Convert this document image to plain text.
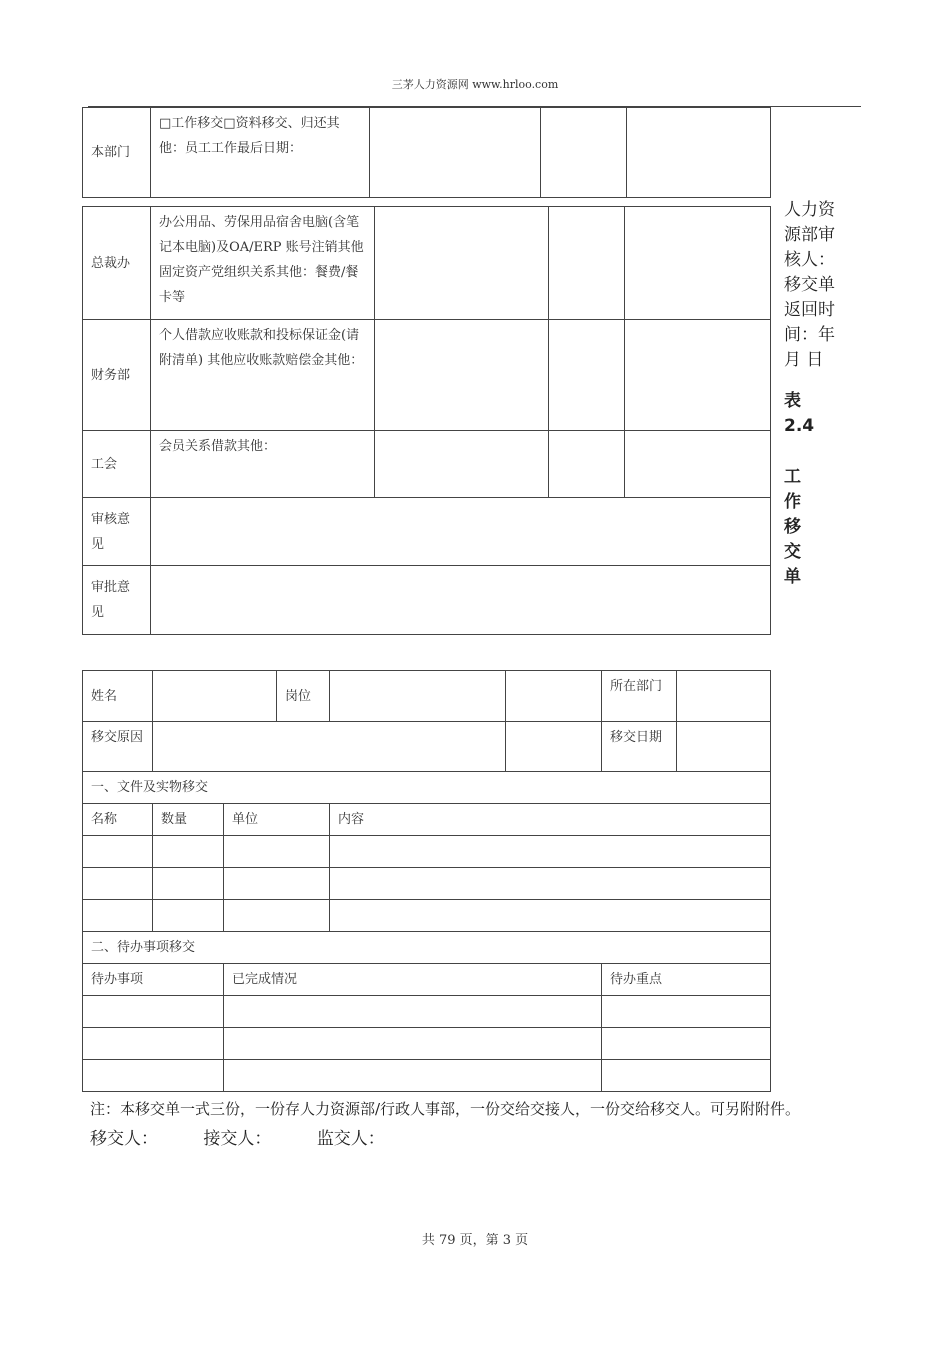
三茅人力资源网 www.hrloo.com
本部门	□工作移交□资料移交、归还其他：员工工作最后日期：			
总裁办	办公用品、劳保用品宿舍电脑(含笔记本电脑)及OA/ERP 账号注销其他固定资产党组织关系其他：餐费/餐卡等			
财务部	个人借款应收账款和投标保证金(请附清单) 其他应收账款赔偿金其他：			
工会	会员关系借款其他：			
审核意见				
审批意见				
人力资源部审核人：移交单返回时间：年 月 日
表2.4
工作移交单
姓名			岗位			所在部门	
移交原因						移交日期	
一、文件及实物移交							
名称	数量	单位		内容			

二、待办事项移交							
待办事项		已完成情况				待办重点	

注：本移交单一式三份，一份存人力资源部/行政人事部，一份交给交接人，一份交给移交人。可另附附件。
移交人：	接交人：	监交人：
共 79 页，第 3 页
